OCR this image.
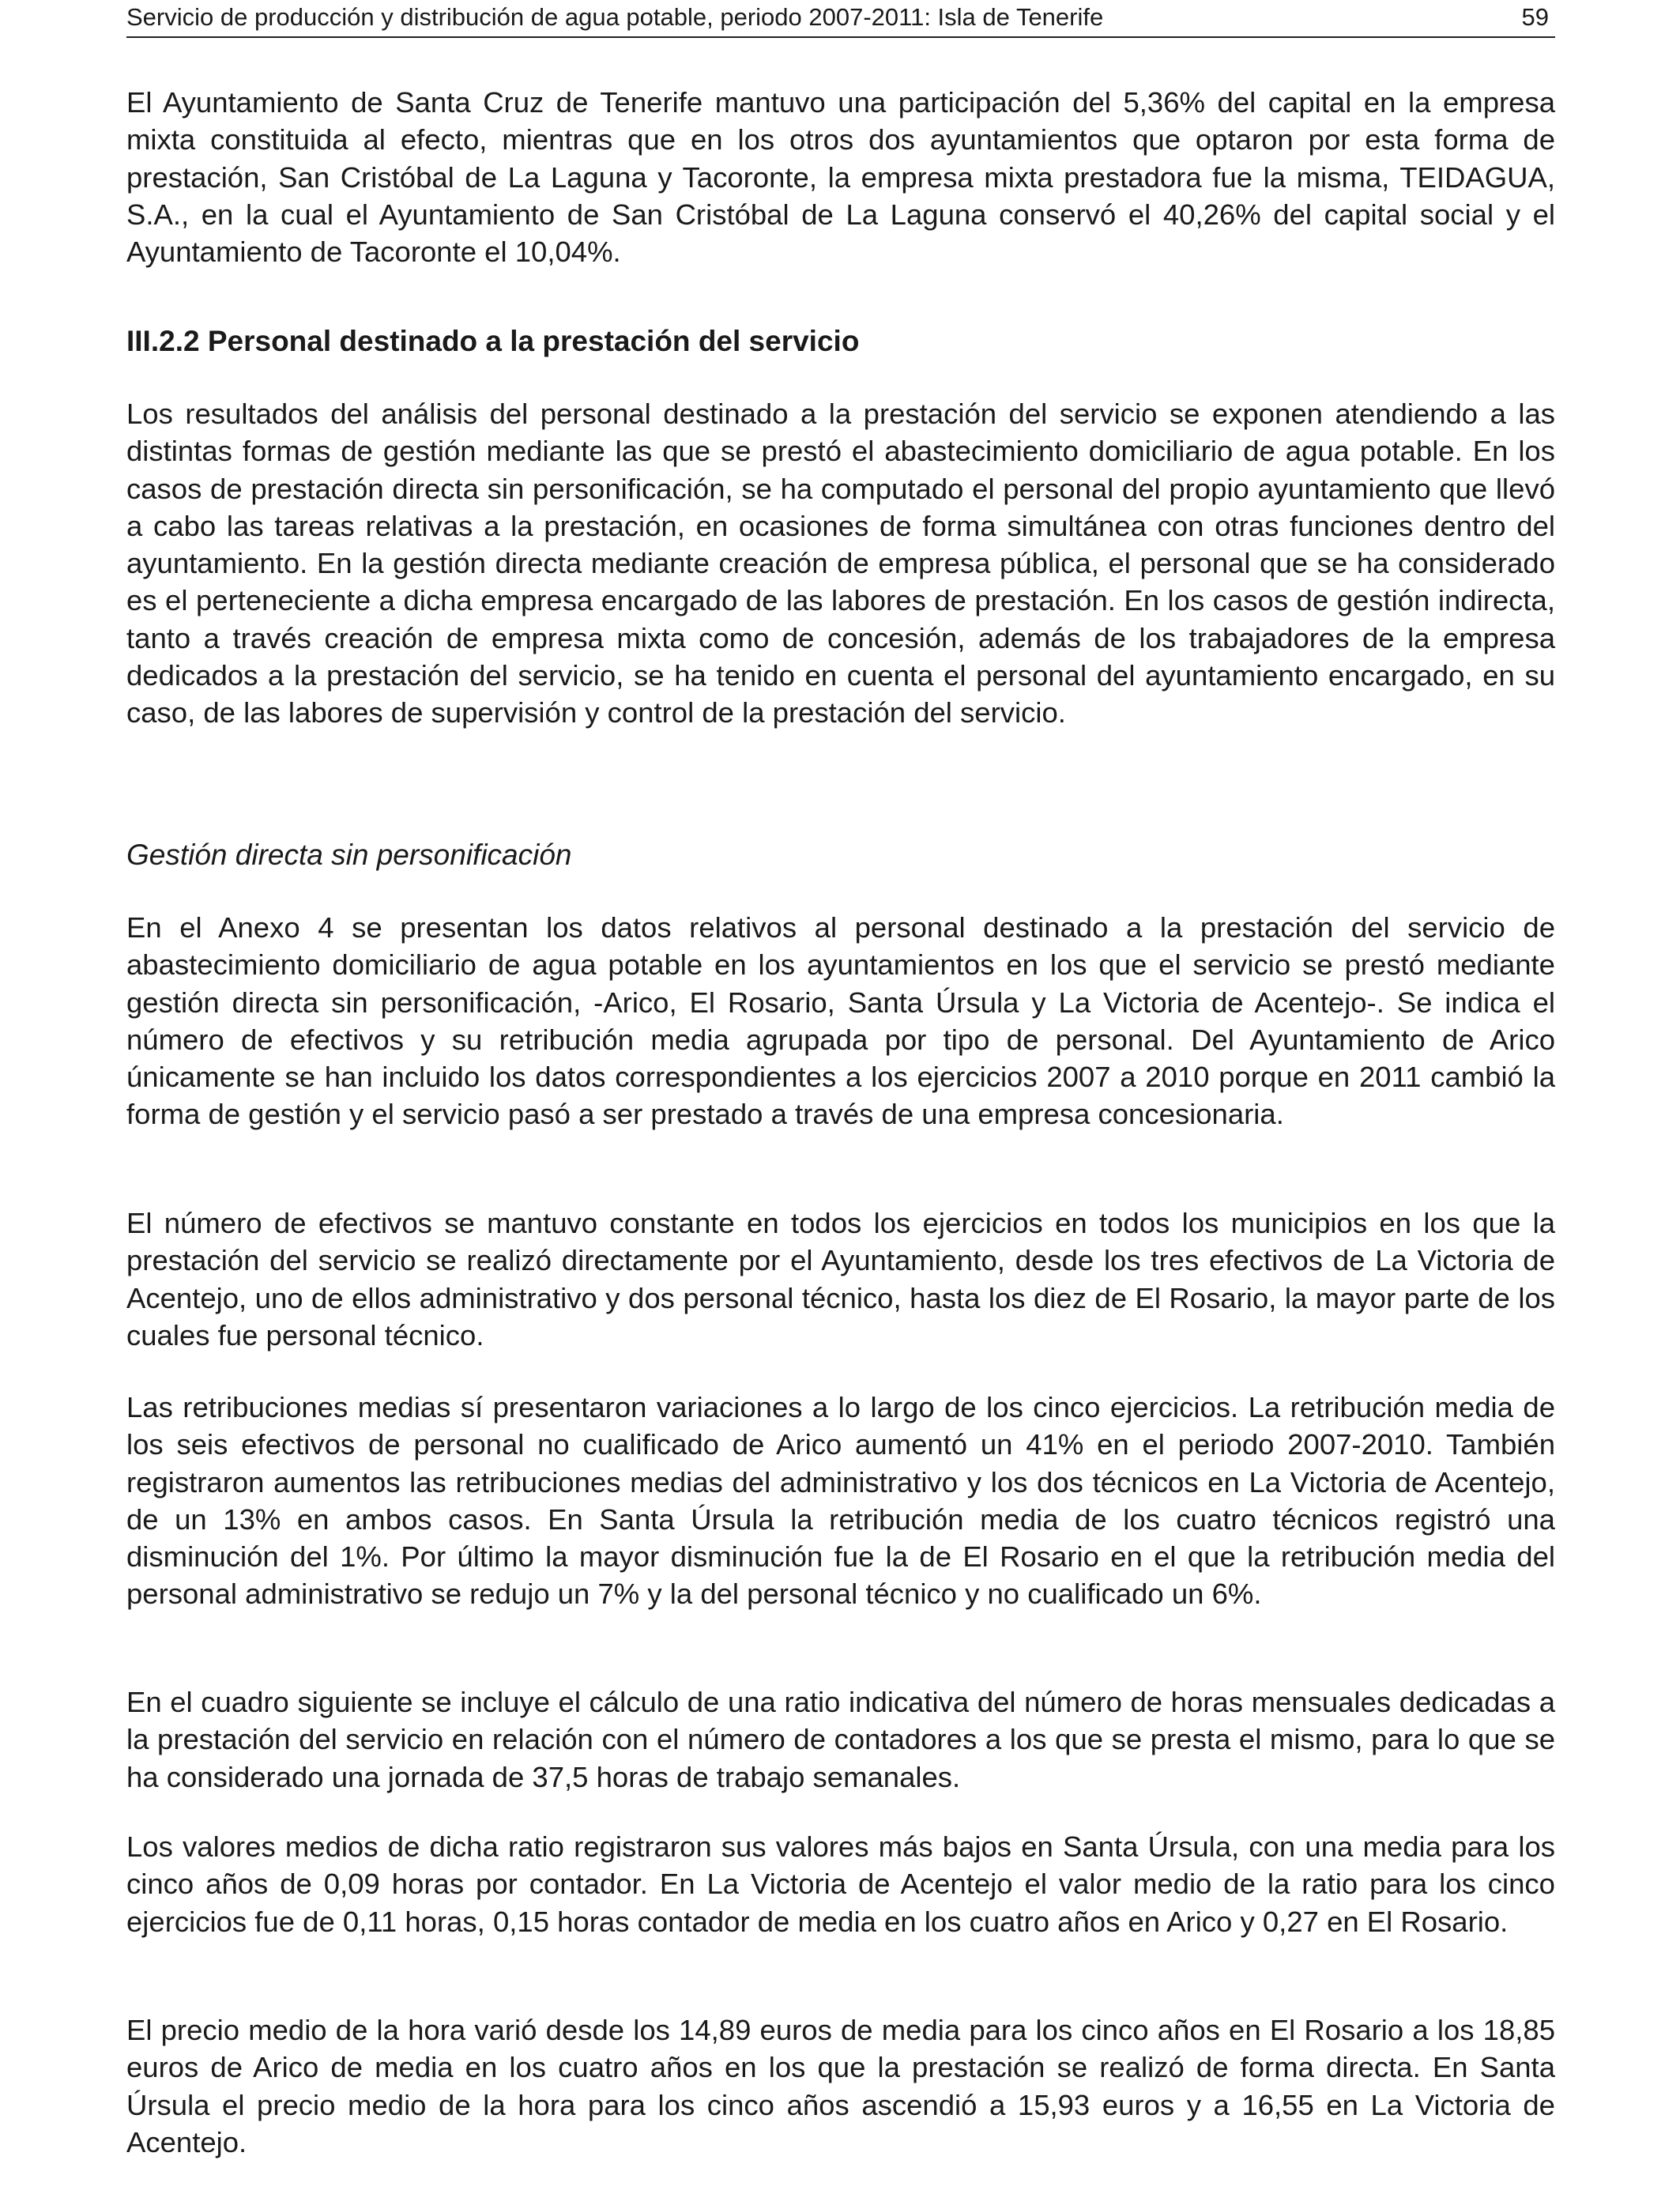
Servicio de producción y distribución de agua potable, periodo 2007-2011: Isla de Tenerife	59

El Ayuntamiento de Santa Cruz de Tenerife mantuvo una participación del 5,36% del capital en la empresa mixta constituida al efecto, mientras que en los otros dos ayuntamientos que optaron por esta forma de prestación, San Cristóbal de La Laguna y Tacoronte, la empresa mixta prestadora fue la misma, TEIDAGUA, S.A., en la cual el Ayuntamiento de San Cristóbal de La Laguna conservó el 40,26% del capital social y el Ayuntamiento de Tacoronte el 10,04%.

III.2.2 Personal destinado a la prestación del servicio

Los resultados del análisis del personal destinado a la prestación del servicio se exponen atendiendo a las distintas formas de gestión mediante las que se prestó el abastecimiento domiciliario de agua potable. En los casos de prestación directa sin personificación, se ha computado el personal del propio ayuntamiento que llevó a cabo las tareas relativas a la prestación, en ocasiones de forma simultánea con otras funciones dentro del ayuntamiento. En la gestión directa mediante creación de empresa pública, el personal que se ha considerado es el perteneciente a dicha empresa encargado de las labores de prestación. En los casos de gestión indirecta, tanto a través creación de empresa mixta como de concesión, además de los trabajadores de la empresa dedicados a la prestación del servicio, se ha tenido en cuenta el personal del ayuntamiento encargado, en su caso, de las labores de supervisión y control de la prestación del servicio.

Gestión directa sin personificación

En el Anexo 4 se presentan los datos relativos al personal destinado a la prestación del servicio de abastecimiento domiciliario de agua potable en los ayuntamientos en los que el servicio se prestó mediante gestión directa sin personificación, -Arico, El Rosario, Santa Úrsula y La Victoria de Acentejo-. Se indica el número de efectivos y su retribución media agrupada por tipo de personal. Del Ayuntamiento de Arico únicamente se han incluido los datos correspondientes a los ejercicios 2007 a 2010 porque en 2011 cambió la forma de gestión y el servicio pasó a ser prestado a través de una empresa concesionaria.

El número de efectivos se mantuvo constante en todos los ejercicios en todos los municipios en los que la prestación del servicio se realizó directamente por el Ayuntamiento, desde los tres efectivos de La Victoria de Acentejo, uno de ellos administrativo y dos personal técnico, hasta los diez de El Rosario, la mayor parte de los cuales fue personal técnico.

Las retribuciones medias sí presentaron variaciones a lo largo de los cinco ejercicios. La retribución media de los seis efectivos de personal no cualificado de Arico aumentó un 41% en el periodo 2007-2010. También registraron aumentos las retribuciones medias del administrativo y los dos técnicos en La Victoria de Acentejo, de un 13% en ambos casos. En Santa Úrsula la retribución media de los cuatro técnicos registró una disminución del 1%. Por último la mayor disminución fue la de El Rosario en el que la retribución media del personal administrativo se redujo un 7% y la del personal técnico y no cualificado un 6%.

En el cuadro siguiente se incluye el cálculo de una ratio indicativa del número de horas mensuales dedicadas a la prestación del servicio en relación con el número de contadores a los que se presta el mismo, para lo que se ha considerado una jornada de 37,5 horas de trabajo semanales.

Los valores medios de dicha ratio registraron sus valores más bajos en Santa Úrsula, con una media para los cinco años de 0,09 horas por contador. En La Victoria de Acentejo el valor medio de la ratio para los cinco ejercicios fue de 0,11 horas, 0,15 horas contador de media en los cuatro años en Arico y 0,27 en El Rosario.

El precio medio de la hora varió desde los 14,89 euros de media para los cinco años en El Rosario a los 18,85 euros de Arico de media en los cuatro años en los que la prestación se realizó de forma directa. En Santa Úrsula el precio medio de la hora para los cinco años ascendió a 15,93 euros y a 16,55 en La Victoria de Acentejo.
